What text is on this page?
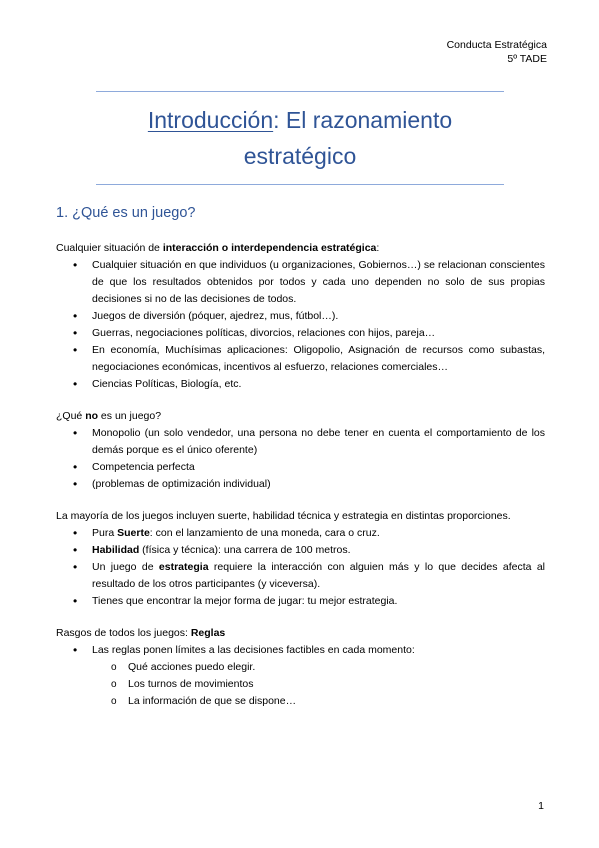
Conducta Estratégica
5º TADE
Introducción: El razonamiento
estratégico
1. ¿Qué es un juego?

Cualquier situación de interacción o interdependencia estratégica:

• Cualquier situación en que individuos (u organizaciones, Gobiernos…) se relacionan conscientes de que los resultados obtenidos por todos y cada uno dependen no solo de sus propias decisiones si no de las decisiones de todos.
• Juegos de diversión (póquer, ajedrez, mus, fútbol…).
• Guerras, negociaciones políticas, divorcios, relaciones con hijos, pareja…
• En economía, Muchísimas aplicaciones: Oligopolio, Asignación de recursos como subastas, negociaciones económicas, incentivos al esfuerzo, relaciones comerciales…
• Ciencias Políticas, Biología, etc.

¿Qué no es un juego?

• Monopolio (un solo vendedor, una persona no debe tener en cuenta el comportamiento de los demás porque es el único oferente)
• Competencia perfecta
• (problemas de optimización individual)

La mayoría de los juegos incluyen suerte, habilidad técnica y estrategia en distintas proporciones.

• Pura Suerte: con el lanzamiento de una moneda, cara o cruz.
• Habilidad (física y técnica): una carrera de 100 metros.
• Un juego de estrategia requiere la interacción con alguien más y lo que decides afecta al resultado de los otros participantes (y viceversa).
• Tienes que encontrar la mejor forma de jugar: tu mejor estrategia.

Rasgos de todos los juegos: Reglas

• Las reglas ponen límites a las decisiones factibles en cada momento:
o Qué acciones puedo elegir.
o Los turnos de movimientos
o La información de que se dispone…
1
